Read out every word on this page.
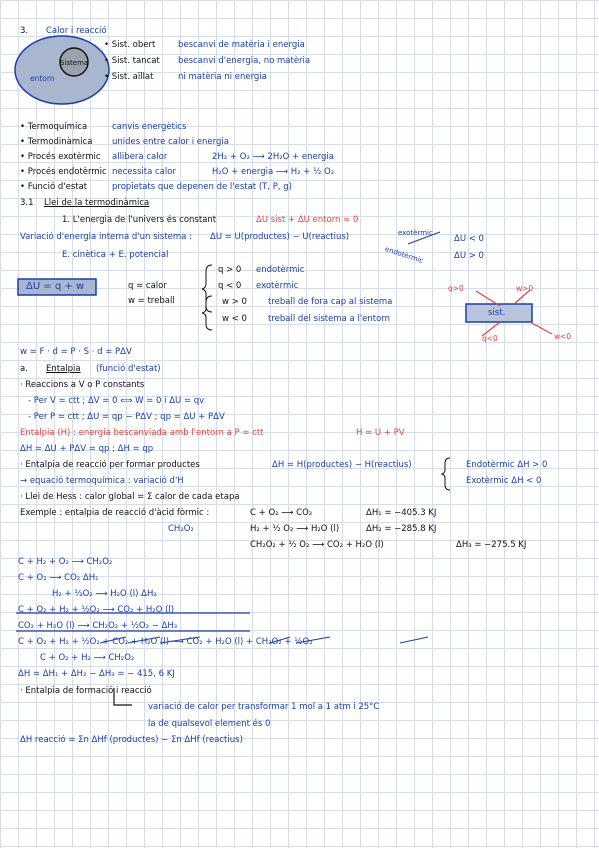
3. Calor i reacció
Sistema
entorn
• Sist. obert	bescanvi de matèria i energia
• Sist. tancat bescanvi d'energia, no matèria
• Sist. aïllat	ni matèria ni energia
• Termoquímica	canvis energètics
• Termodinàmica unides entre calor i energia
• Procés exotèrmic allibera calor	2H₂ + O₂ ⟶ 2H₂O + energia
• Procés endotèrmic necessita calor	H₂O + energia ⟶ H₂ + ½ O₂
• Funció d'estat	propietats que depenen de l'estat (T, P, g)
3.1 Llei de la termodinàmica
1. L'energia de l'univers és constant	ΔU sist + ΔU entorn = 0
Variació d'energia interna d'un sistema : ΔU = U(productes) − U(reactius)
E. cinètica + E. potencial
exotèrmic
endotèrmic
ΔU < 0
ΔU > 0
ΔU = q + w	q = calor
w = treball
q > 0 endotèrmic
q < 0 exotèrmic
w > 0 treball de fora cap al sistema
w < 0 treball del sistema a l'entorn
sist.
q>0	w>0
q<0	w<0
w = F · d = P · S · d = PΔV
a. Entalpia (funció d'estat)
· Reaccions a V o P constants
- Per V = ctt ; ΔV = 0 ⟺ W = 0 i ΔU = qv
- Per P = ctt ; ΔU = qp − PΔV ; qp = ΔU + PΔV
Entalpia (H) : energia bescanviada amb l'entorn a P = ctt	H = U + PV
ΔH = ΔU + PΔV = qp ; ΔH = qp
· Entalpia de reacció per formar productes	ΔH = H(productes) − H(reactius)	Endotèrmic ΔH > 0
Exotèrmic ΔH < 0
→ equació termoquímica : variació d'H
· Llei de Hess : calor global = Σ calor de cada etapa
Exemple : entalpia de reacció d'àcid fòrmic :
CH₂O₂
C + O₂ ⟶ CO₂	ΔH₁ = −405.3 KJ
H₂ + ½ O₂ ⟶ H₂O (l)	ΔH₂ = −285.8 KJ
CH₂O₂ + ½ O₂ ⟶ CO₂ + H₂O (l)	ΔH₃ = −275.5 KJ
C + H₂ + O₂ ⟶ CH₂O₂
C + O₂ ⟶ CO₂ ΔH₁
H₂ + ½O₂ ⟶ H₂O (l) ΔH₂
C + O₂ + H₂ + ½O₂ ⟶ CO₂ + H₂O (l)
CO₂ + H₂O (l) ⟶ CH₂O₂ + ½O₂ − ΔH₃
C + O₂ + H₂ + ½O₂ + CO₂ + H₂O (l) ⟶ CO₂ + H₂O (l) + CH₂O₂ + ½O₂
C + O₂ + H₂ ⟶ CH₂O₂
ΔH = ΔH₁ + ΔH₂ − ΔH₃ = − 415, 6 KJ
· Entalpia de formació i reacció
variació de calor per transformar 1 mol a 1 atm i 25°C
la de qualsevol element és 0
ΔH reacció = Σn ΔHf (productes) − Σn ΔHf (reactius)
